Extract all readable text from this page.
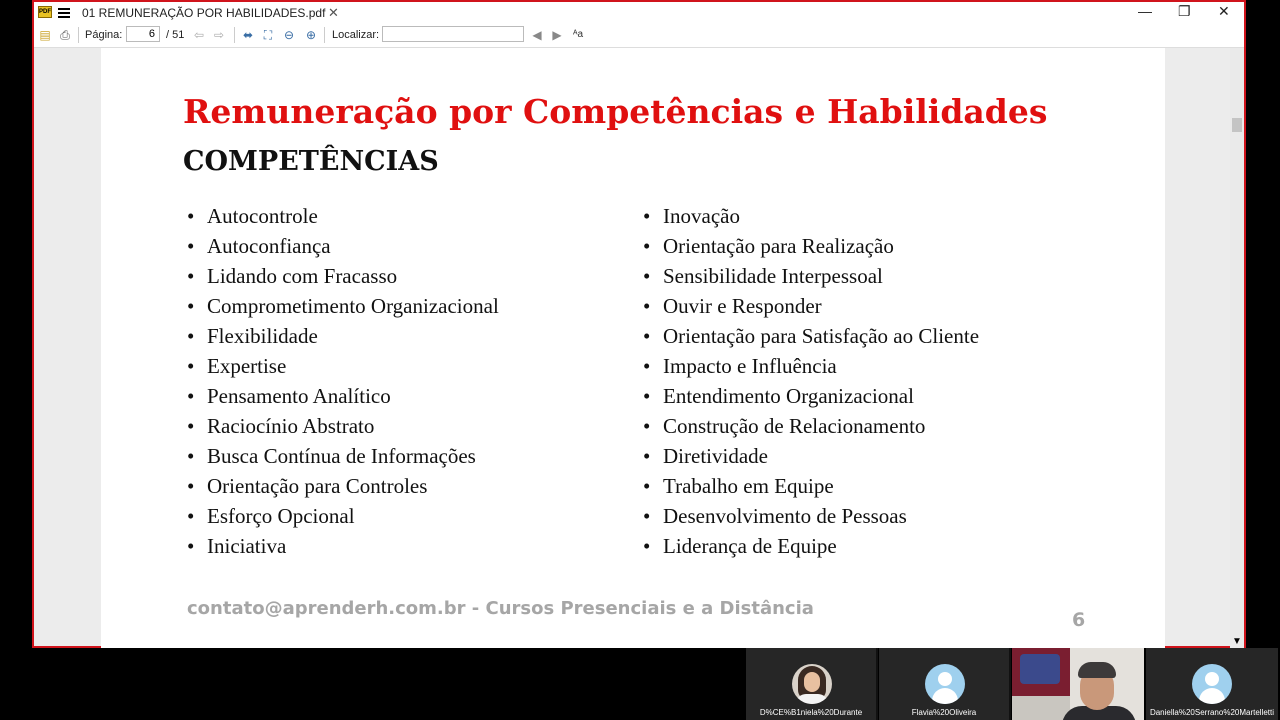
PDF	01 REMUNERAÇÃO POR HABILIDADES.pdf ✕	— ❐ ✕
▤ ⎙ Página:
6	/ 51 ⇦ ⇨ ⬌ ⛶ ⊖ ⊕ Localizar:	◀ ▶ ᴬa
Remuneração por Competências e Habilidades
COMPETÊNCIAS
• Autocontrole
• Autoconfiança
• Lidando com Fracasso
• Comprometimento Organizacional
• Flexibilidade
• Expertise
• Pensamento Analítico
• Raciocínio Abstrato
• Busca Contínua de Informações
• Orientação para Controles
• Esforço Opcional
• Iniciativa
• Inovação
• Orientação para Realização
• Sensibilidade Interpessoal
• Ouvir e Responder
• Orientação para Satisfação ao Cliente
• Impacto e Influência
• Entendimento Organizacional
• Construção de Relacionamento
• Diretividade
• Trabalho em Equipe
• Desenvolvimento de Pessoas
• Liderança de Equipe
contato@aprenderh.com.br - Cursos Presenciais e a Distância
6
▼
D%CE%B1niela%20Durante	Flavia%20Oliveira	Daniella%20Serrano%20Martelletti
